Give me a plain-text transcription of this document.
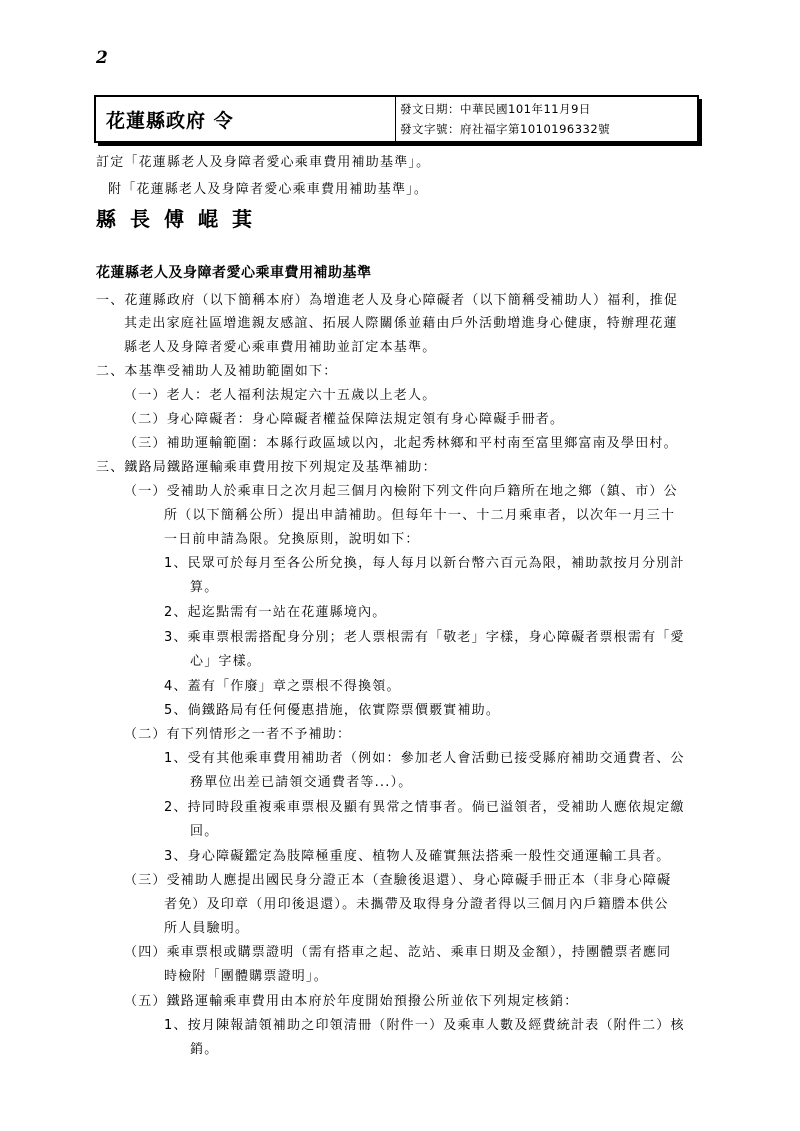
2
花蓮縣政府 令
發文日期：中華民國101年11月9日
發文字號：府社福字第1010196332號
訂定「花蓮縣老人及身障者愛心乘車費用補助基準」。
附「花蓮縣老人及身障者愛心乘車費用補助基準」。
縣長傅崐萁
花蓮縣老人及身障者愛心乘車費用補助基準
一、花蓮縣政府（以下簡稱本府）為增進老人及身心障礙者（以下簡稱受補助人）福利，推促
其走出家庭社區增進親友感誼、拓展人際關係並藉由戶外活動增進身心健康，特辦理花蓮
縣老人及身障者愛心乘車費用補助並訂定本基準。
二、本基準受補助人及補助範圍如下：
（一）老人：老人福利法規定六十五歲以上老人。
（二）身心障礙者：身心障礙者權益保障法規定領有身心障礙手冊者。
（三）補助運輸範圍：本縣行政區域以內，北起秀林鄉和平村南至富里鄉富南及學田村。
三、鐵路局鐵路運輸乘車費用按下列規定及基準補助：
（一）受補助人於乘車日之次月起三個月內檢附下列文件向戶籍所在地之鄉（鎮、市）公
所（以下簡稱公所）提出申請補助。但每年十一、十二月乘車者，以次年一月三十
一日前申請為限。兌換原則，說明如下：
1、民眾可於每月至各公所兌換，每人每月以新台幣六百元為限，補助款按月分別計
算。
2、起迄點需有一站在花蓮縣境內。
3、乘車票根需搭配身分別；老人票根需有「敬老」字樣，身心障礙者票根需有「愛
心」字樣。
4、蓋有「作廢」章之票根不得換領。
5、倘鐵路局有任何優惠措施，依實際票價覈實補助。
（二）有下列情形之一者不予補助：
1、受有其他乘車費用補助者（例如：參加老人會活動已接受縣府補助交通費者、公
務單位出差已請領交通費者等...）。
2、持同時段重複乘車票根及顯有異常之情事者。倘已溢領者，受補助人應依規定繳
回。
3、身心障礙鑑定為肢障極重度、植物人及確實無法搭乘一般性交通運輸工具者。
（三）受補助人應提出國民身分證正本（查驗後退還）、身心障礙手冊正本（非身心障礙
者免）及印章（用印後退還）。未攜帶及取得身分證者得以三個月內戶籍謄本供公
所人員驗明。
（四）乘車票根或購票證明（需有搭車之起、訖站、乘車日期及金額），持團體票者應同
時檢附「團體購票證明」。
（五）鐵路運輸乘車費用由本府於年度開始預撥公所並依下列規定核銷：
1、按月陳報請領補助之印領清冊（附件一）及乘車人數及經費統計表（附件二）核
銷。
